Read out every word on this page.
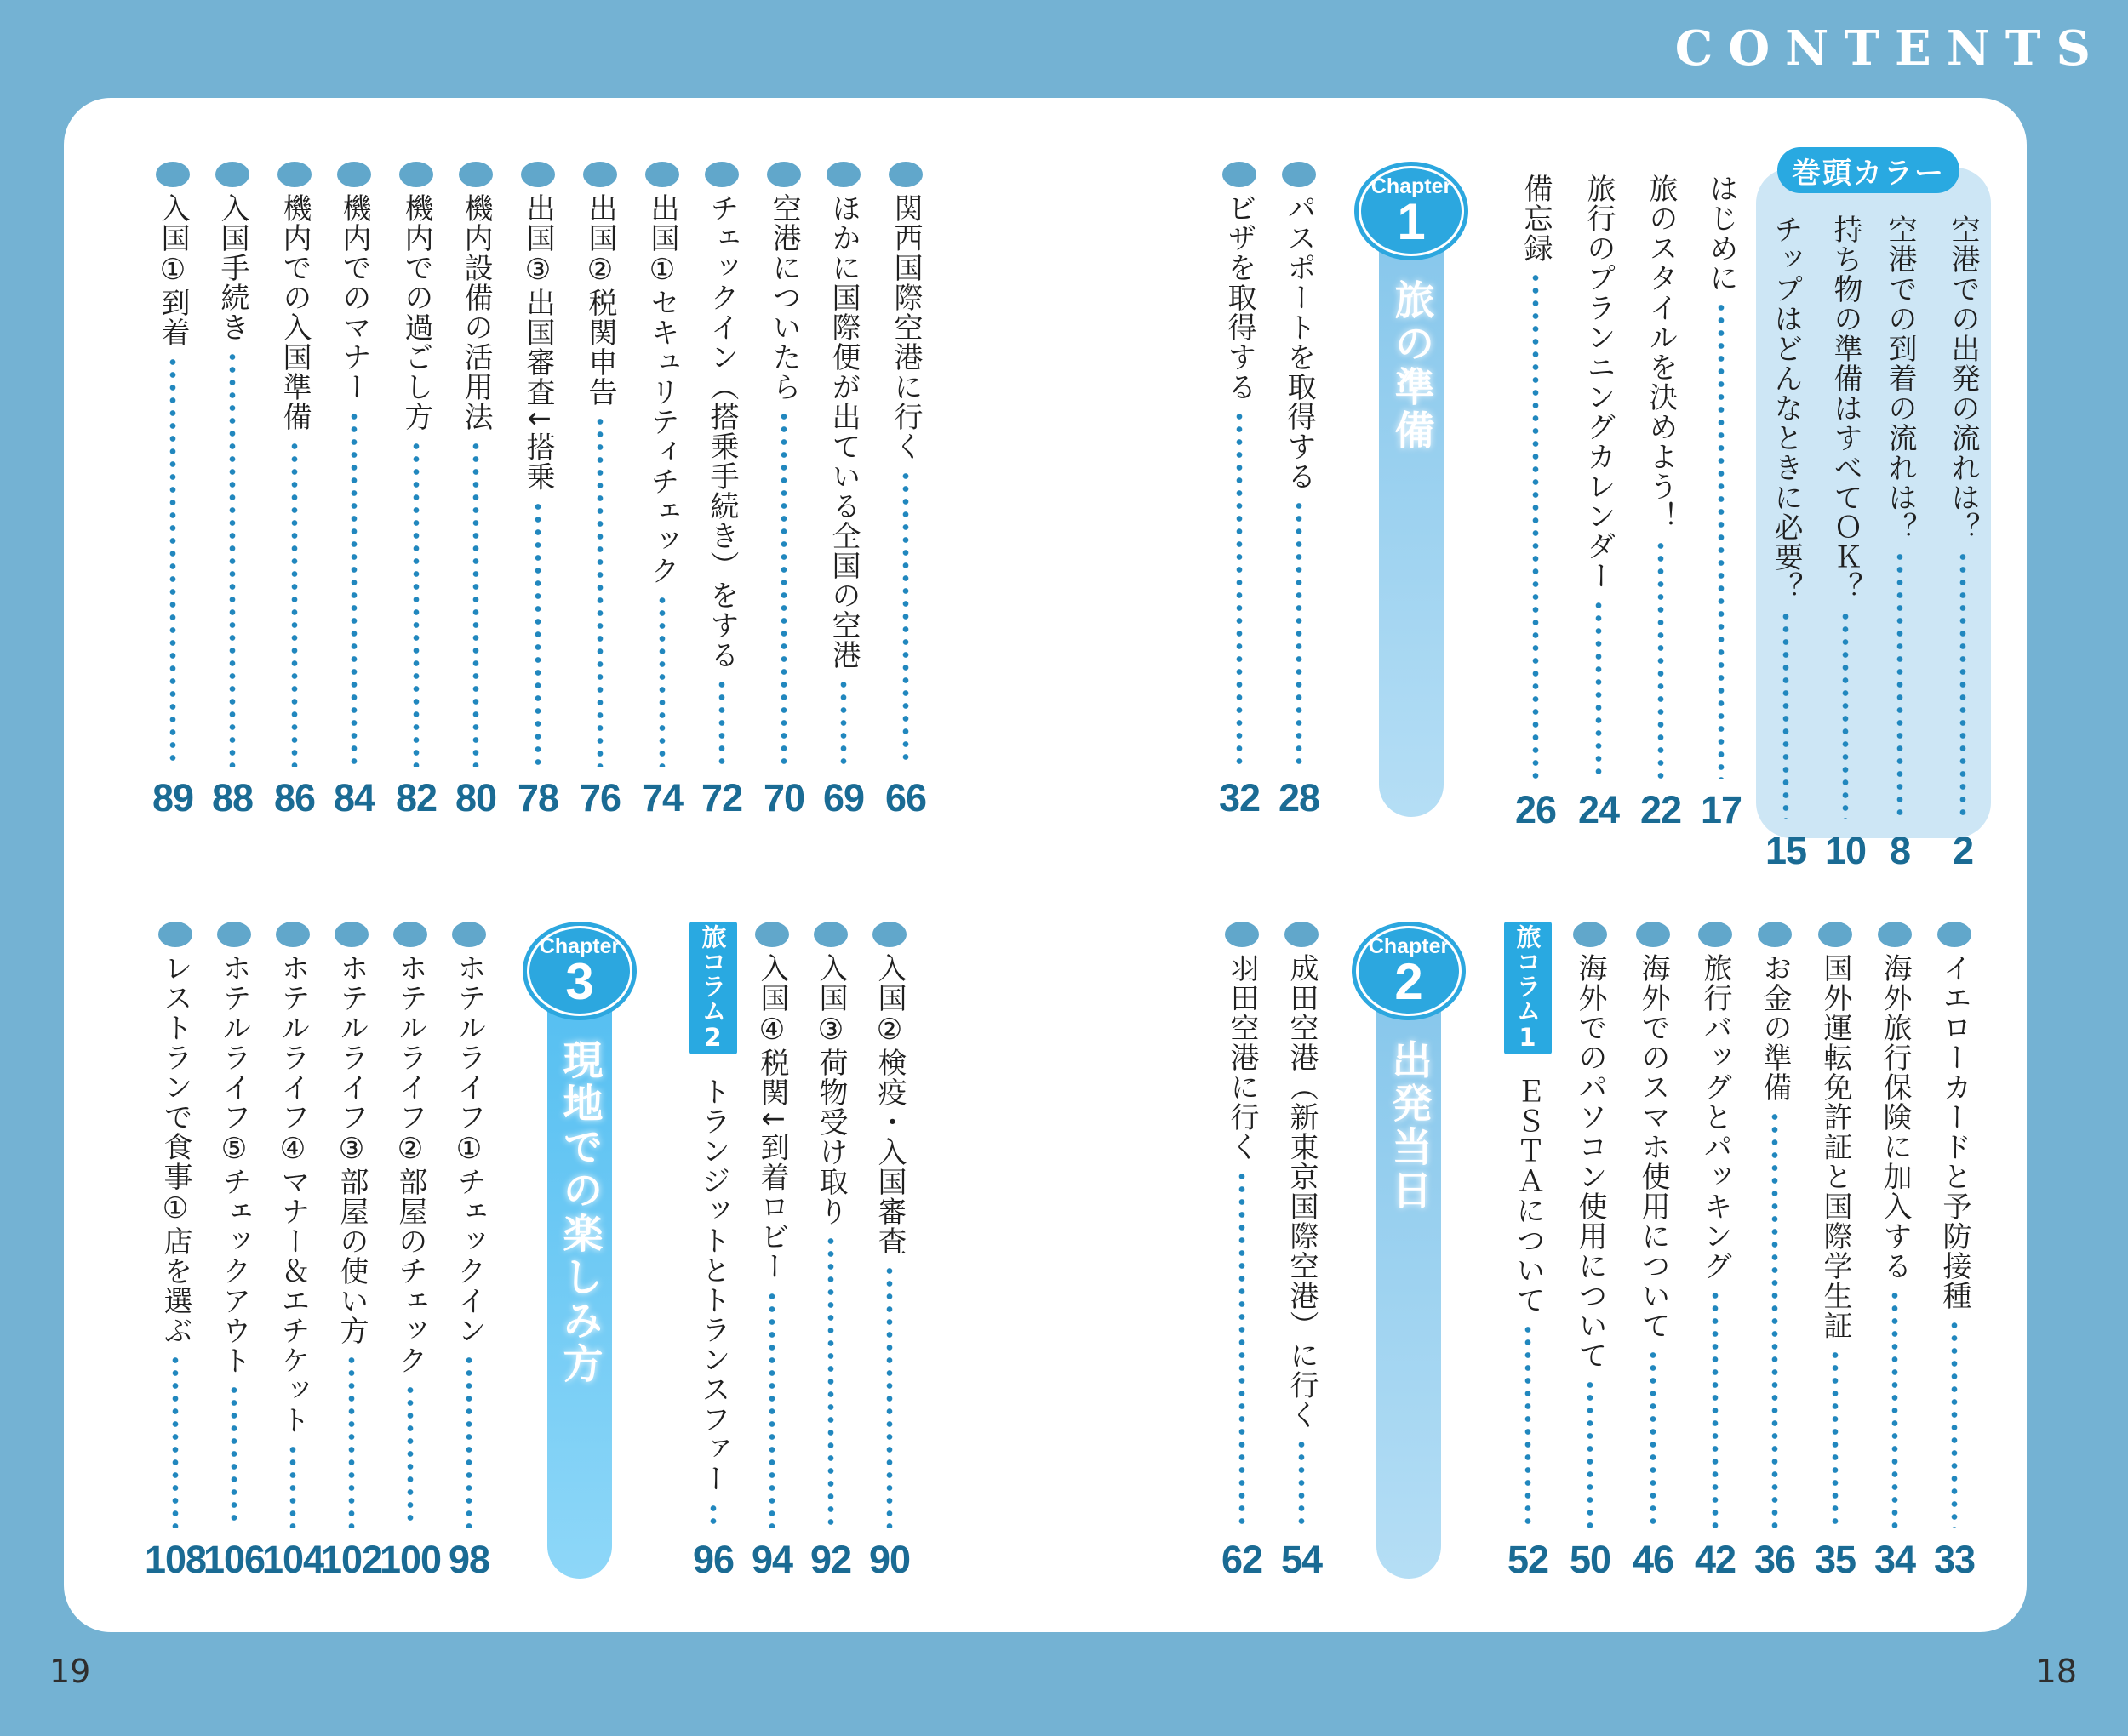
CONTENTS
巻頭カラー
空港での出発の流れは？
2
空港での到着の流れは？
8
持ち物の準備はすべてＯＫ？
10
チップはどんなときに必要？
15
はじめに
17
旅のスタイルを決めよう！
22
旅行のプランニングカレンダー
24
備忘録
26
旅の準備
Chapter
1
パスポートを取得する
28
ビザを取得する
32
イエローカードと予防接種
33
海外旅行保険に加入する
34
国外運転免許証と国際学生証
35
お金の準備
36
旅行バッグとパッキング
42
海外でのスマホ使用について
46
海外でのパソコン使用について
50
旅コラム1
ＥＳＴＡについて
52
出発当日
Chapter
2
成田空港（新東京国際空港）に行く
54
羽田空港に行く
62
関西国際空港に行く
66
ほかに国際便が出ている全国の空港
69
空港についたら
70
チェックイン（搭乗手続き）をする
72
出国①セキュリティチェック
74
出国②税関申告
76
出国③出国審査↓搭乗
78
機内設備の活用法
80
機内での過ごし方
82
機内でのマナー
84
機内での入国準備
86
入国手続き
88
入国①到着
89
入国②検疫・入国審査
90
入国③荷物受け取り
92
入国④税関↓到着ロビー
94
旅コラム2
トランジットとトランスファー
96
現地での楽しみ方
Chapter
3
ホテルライフ①チェックイン
98
ホテルライフ②部屋のチェック
100
ホテルライフ③部屋の使い方
102
ホテルライフ④マナー＆エチケット
104
ホテルライフ⑤チェックアウト
106
レストランで食事①店を選ぶ
108
19	18
